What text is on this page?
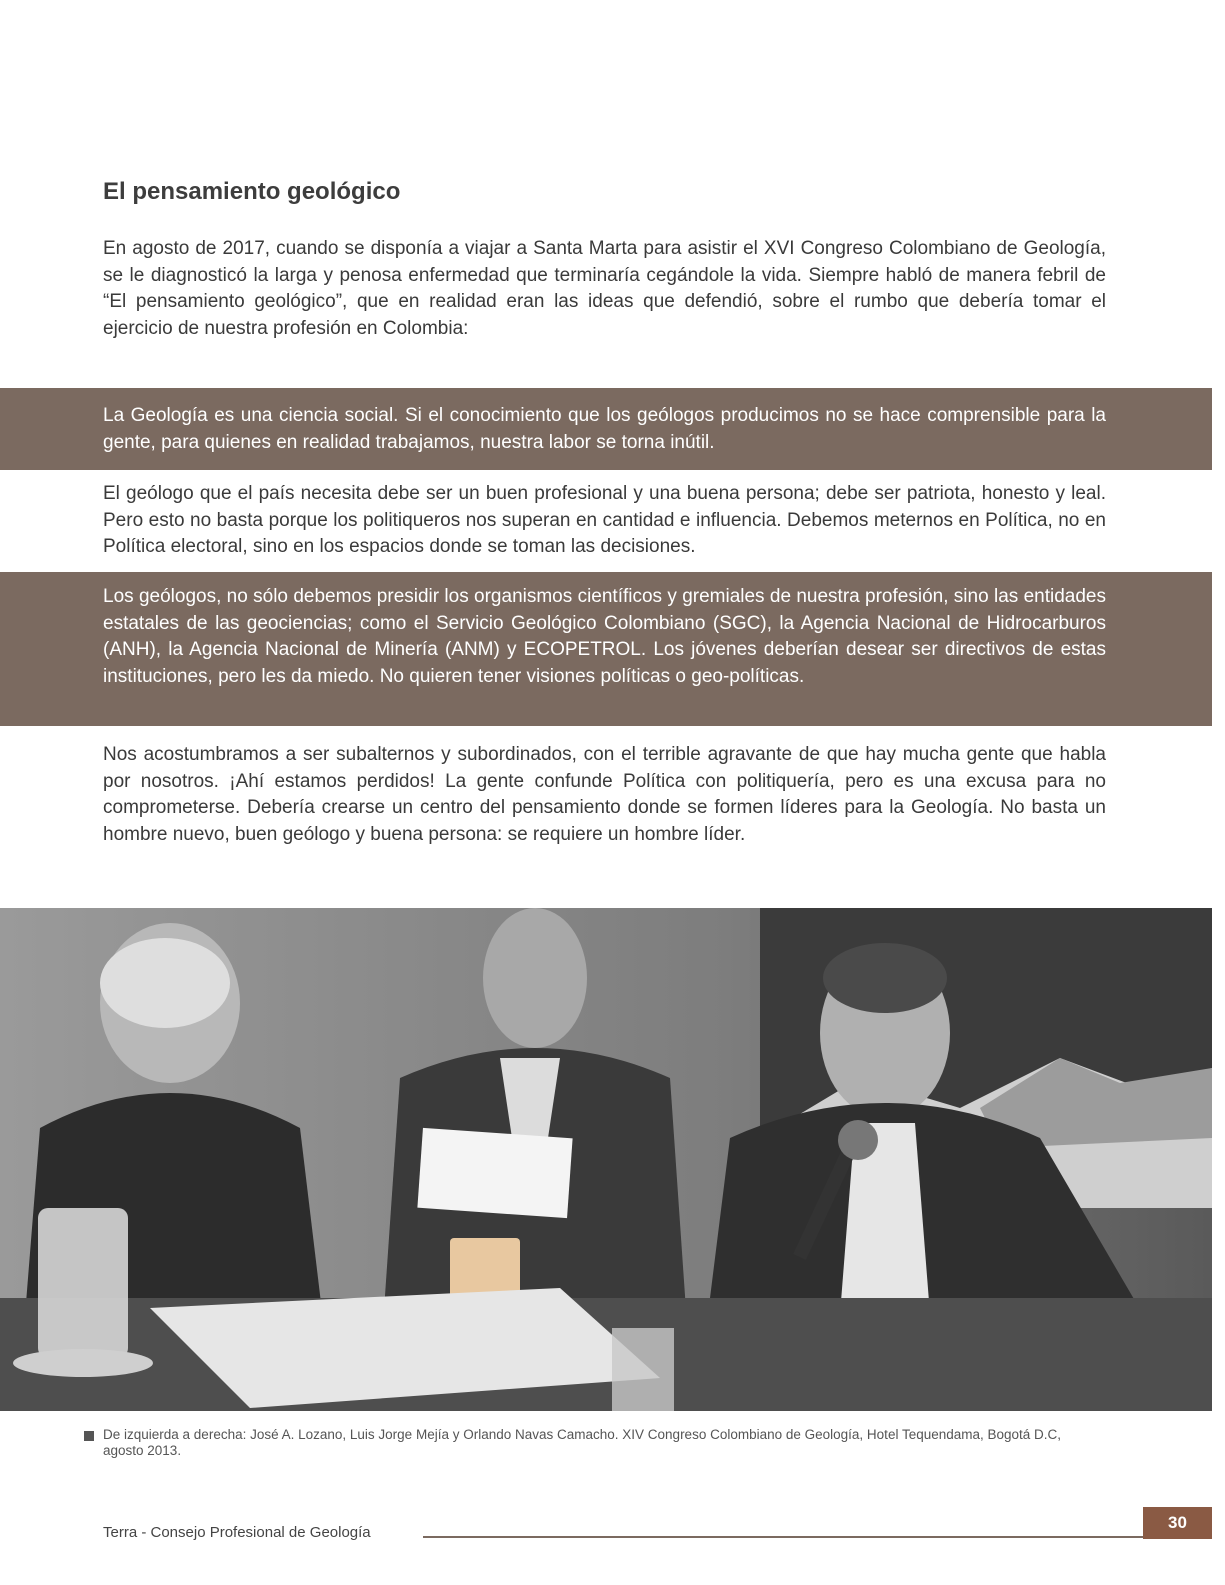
El pensamiento geológico

En agosto de 2017, cuando se disponía a viajar a Santa Marta para asistir el XVI Congreso Colombiano de Geología, se le diagnosticó la larga y penosa enfermedad que terminaría cegándole la vida. Siempre habló de manera febril de “El pensamiento geológico”, que en realidad eran las ideas que defendió, sobre el rumbo que debería tomar el ejercicio de nuestra profesión en Colombia:

La Geología es una ciencia social. Si el conocimiento que los geólogos producimos no se hace comprensible para la gente, para quienes en realidad trabajamos, nuestra labor se torna inútil.

El geólogo que el país necesita debe ser un buen profesional y una buena persona; debe ser patriota, honesto y leal. Pero esto no basta porque los politiqueros nos superan en cantidad e influencia. Debemos meternos en Política, no en Política electoral, sino en los espacios donde se toman las decisiones.

Los geólogos, no sólo debemos presidir los organismos científicos y gremiales de nuestra profesión, sino las entidades estatales de las geociencias; como el Servicio Geológico Colombiano (SGC), la Agencia Nacional de Hidrocarburos (ANH), la Agencia Nacional de Minería (ANM) y ECOPETROL. Los jóvenes deberían desear ser directivos de estas instituciones, pero les da miedo. No quieren tener visiones políticas o geo-políticas.

Nos acostumbramos a ser subalternos y subordinados, con el terrible agravante de que hay mucha gente que habla por nosotros. ¡Ahí estamos perdidos! La gente confunde Política con politiquería, pero es una excusa para no comprometerse. Debería crearse un centro del pensamiento donde se formen líderes para la Geología. No basta un hombre nuevo, buen geólogo y buena persona: se requiere un hombre líder.

De izquierda a derecha: José A. Lozano, Luis Jorge Mejía y Orlando Navas Camacho. XIV Congreso Colombiano de Geología, Hotel Tequendama, Bogotá D.C, agosto 2013.

Terra - Consejo Profesional de Geología
30
